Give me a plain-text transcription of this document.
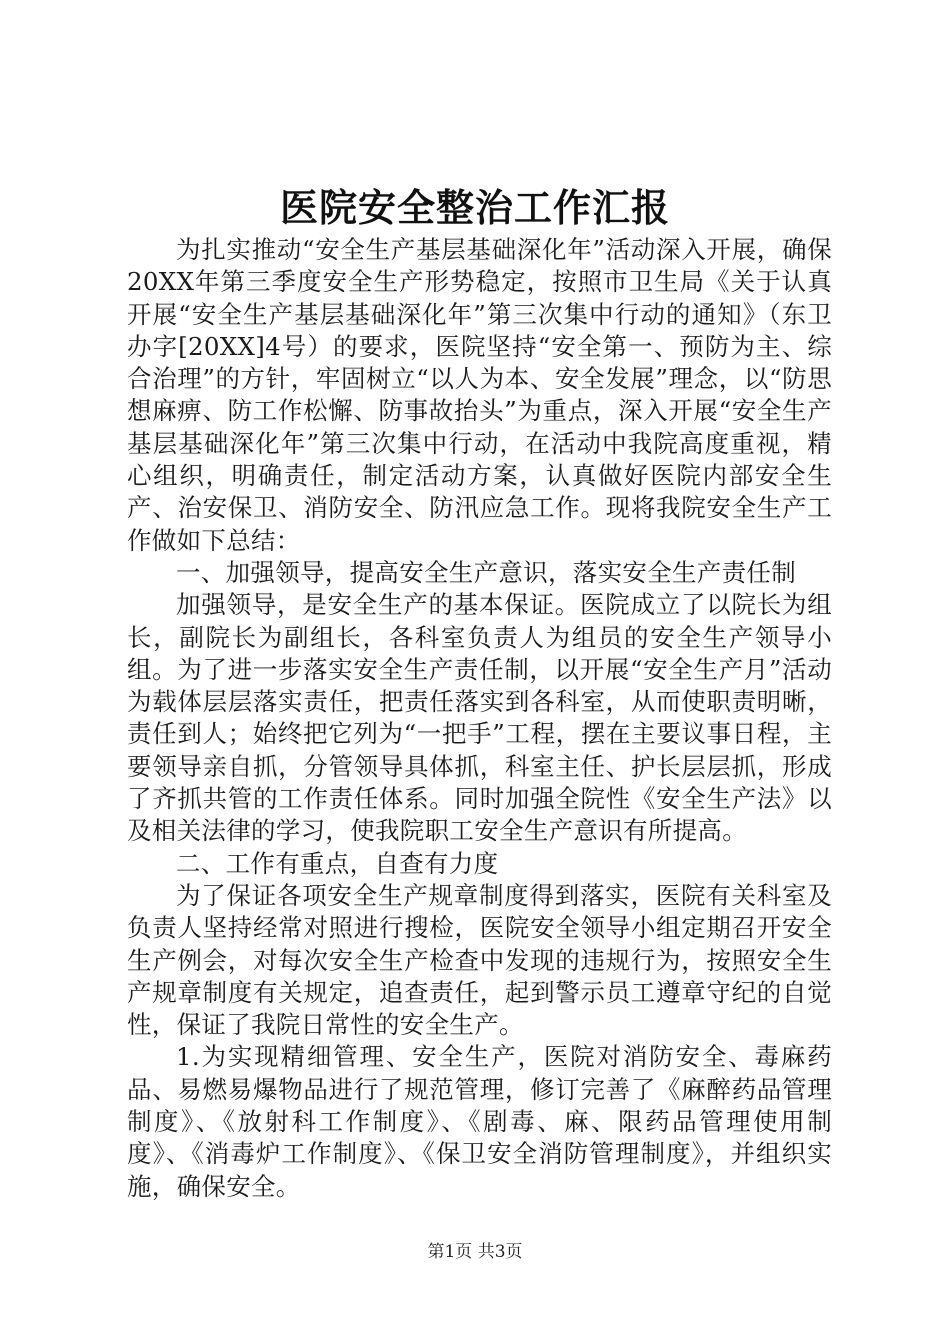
医院安全整治工作汇报

为扎实推动“安全生产基层基础深化年”活动深入开展，确保20XX年第三季度安全生产形势稳定，按照市卫生局《关于认真开展“安全生产基层基础深化年”第三次集中行动的通知》（东卫办字[20XX]4号）的要求，医院坚持“安全第一、预防为主、综合治理”的方针，牢固树立“以人为本、安全发展”理念，以“防思想麻痹、防工作松懈、防事故抬头”为重点，深入开展“安全生产基层基础深化年”第三次集中行动，在活动中我院高度重视，精心组织，明确责任，制定活动方案，认真做好医院内部安全生产、治安保卫、消防安全、防汛应急工作。现将我院安全生产工作做如下总结：

一、加强领导，提高安全生产意识，落实安全生产责任制

加强领导，是安全生产的基本保证。医院成立了以院长为组长，副院长为副组长，各科室负责人为组员的安全生产领导小组。为了进一步落实安全生产责任制，以开展“安全生产月”活动为载体层层落实责任，把责任落实到各科室，从而使职责明晰，责任到人；始终把它列为“一把手”工程，摆在主要议事日程，主要领导亲自抓，分管领导具体抓，科室主任、护长层层抓，形成了齐抓共管的工作责任体系。同时加强全院性《安全生产法》以及相关法律的学习，使我院职工安全生产意识有所提高。

二、工作有重点，自查有力度

为了保证各项安全生产规章制度得到落实，医院有关科室及负责人坚持经常对照进行搜检，医院安全领导小组定期召开安全生产例会，对每次安全生产检查中发现的违规行为，按照安全生产规章制度有关规定，追查责任，起到警示员工遵章守纪的自觉性，保证了我院日常性的安全生产。

1.为实现精细管理、安全生产，医院对消防安全、毒麻药品、易燃易爆物品进行了规范管理，修订完善了《麻醉药品管理制度》、《放射科工作制度》、《剧毒、麻、限药品管理使用制度》、《消毒炉工作制度》、《保卫安全消防管理制度》，并组织实施，确保安全。

第1页 共3页
